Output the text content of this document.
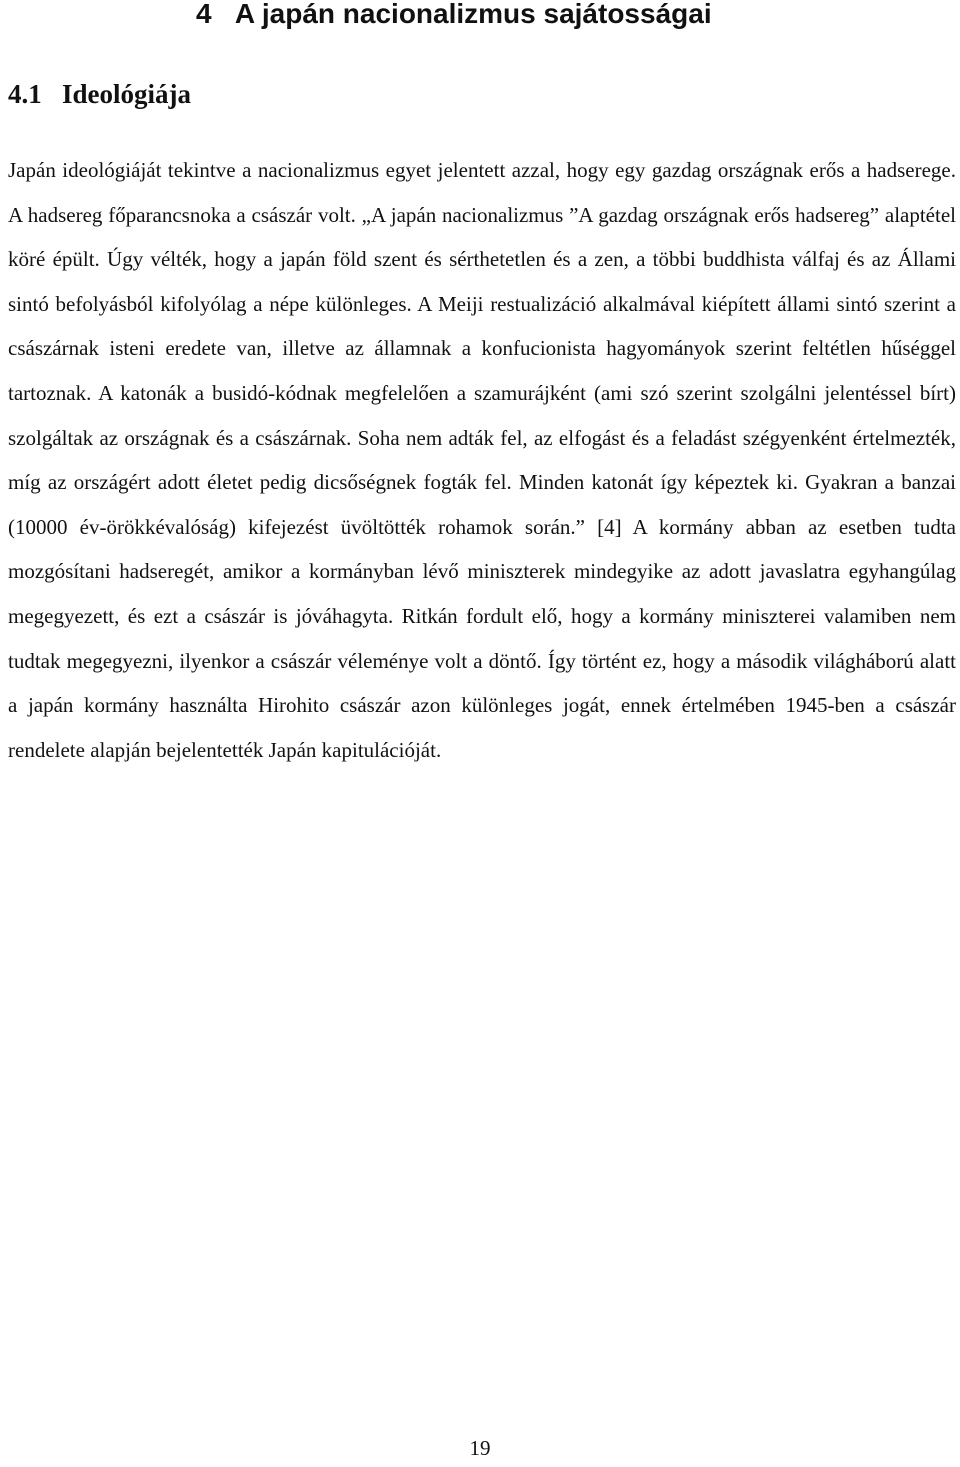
4 A japán nacionalizmus sajátosságai
4.1 Ideológiája

Japán ideológiáját tekintve a nacionalizmus egyet jelentett azzal, hogy egy gazdag országnak erős a hadserege. A hadsereg főparancsnoka a császár volt. „A japán nacionalizmus ”A gazdag országnak erős hadsereg” alaptétel köré épült. Úgy vélték, hogy a japán föld szent és sérthetetlen és a zen, a többi buddhista válfaj és az Állami sintó befolyásból kifolyólag a népe különleges. A Meiji restualizáció alkalmával kiépített állami sintó szerint a császárnak isteni eredete van, illetve az államnak a konfucionista hagyományok szerint feltétlen hűséggel tartoznak. A katonák a busidó-kódnak megfelelően a szamurájként (ami szó szerint szolgálni jelentéssel bírt) szolgáltak az országnak és a császárnak. Soha nem adták fel, az elfogást és a feladást szégyenként értelmezték, míg az országért adott életet pedig dicsőségnek fogták fel. Minden katonát így képeztek ki. Gyakran a banzai (10000 év-örökkévalóság) kifejezést üvöltötték rohamok során.” [4] A kormány abban az esetben tudta mozgósítani hadseregét, amikor a kormányban lévő miniszterek mindegyike az adott javaslatra egyhangúlag megegyezett, és ezt a császár is jóváhagyta. Ritkán fordult elő, hogy a kormány miniszterei valamiben nem tudtak megegyezni, ilyenkor a császár véleménye volt a döntő. Így történt ez, hogy a második világháború alatt a japán kormány használta Hirohito császár azon különleges jogát, ennek értelmében 1945-ben a császár rendelete alapján bejelentették Japán kapitulációját.

19
